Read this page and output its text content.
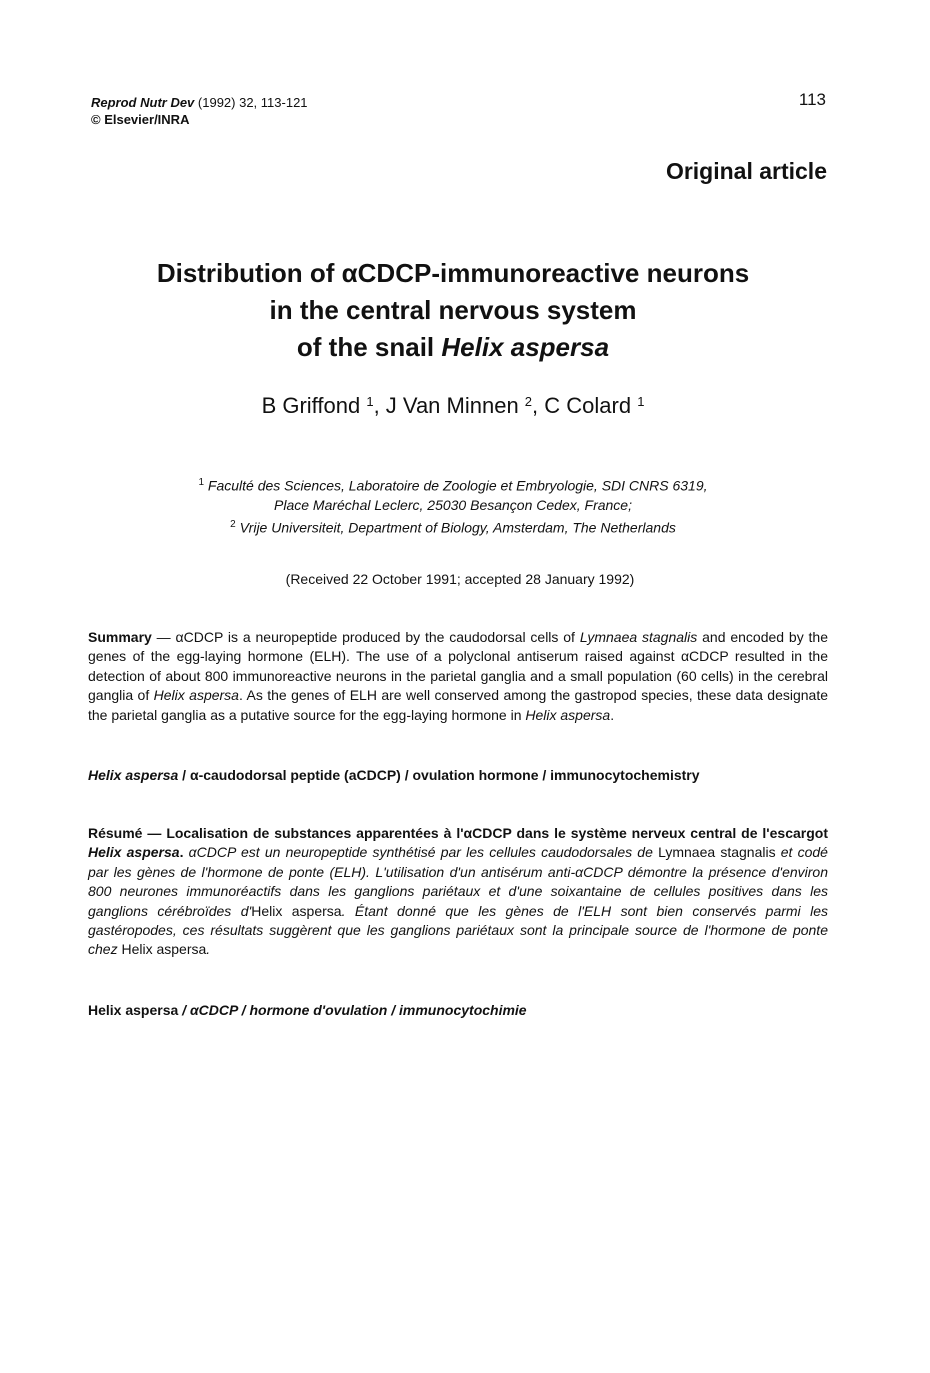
Reprod Nutr Dev (1992) 32, 113-121
© Elsevier/INRA
113
Original article
Distribution of αCDCP-immunoreactive neurons
in the central nervous system
of the snail Helix aspersa
B Griffond $^1$, J Van Minnen $^2$, C Colard $^1$
$^1$ Faculté des Sciences, Laboratoire de Zoologie et Embryologie, SDI CNRS 6319,
Place Maréchal Leclerc, 25030 Besançon Cedex, France;
$^2$ Vrije Universiteit, Department of Biology, Amsterdam, The Netherlands
(Received 22 October 1991; accepted 28 January 1992)
Summary — αCDCP is a neuropeptide produced by the caudodorsal cells of Lymnaea stagnalis and encoded by the genes of the egg-laying hormone (ELH). The use of a polyclonal antiserum raised against αCDCP resulted in the detection of about 800 immunoreactive neurons in the parietal ganglia and a small population (60 cells) in the cerebral ganglia of Helix aspersa. As the genes of ELH are well conserved among the gastropod species, these data designate the parietal ganglia as a putative source for the egg-laying hormone in Helix aspersa.
Helix aspersa / α-caudodorsal peptide (aCDCP) / ovulation hormone / immunocytochemistry
Résumé — Localisation de substances apparentées à l'αCDCP dans le système nerveux central de l'escargot Helix aspersa. αCDCP est un neuropeptide synthétisé par les cellules caudodorsales de Lymnaea stagnalis et codé par les gènes de l'hormone de ponte (ELH). L'utilisation d'un antisérum anti-αCDCP démontre la présence d'environ 800 neurones immunoréactifs dans les ganglions pariétaux et d'une soixantaine de cellules positives dans les ganglions cérébroïdes d'Helix aspersa. Étant donné que les gènes de l'ELH sont bien conservés parmi les gastéropodes, ces résultats suggèrent que les ganglions pariétaux sont la principale source de l'hormone de ponte chez Helix aspersa.
Helix aspersa / αCDCP / hormone d'ovulation / immunocytochimie
